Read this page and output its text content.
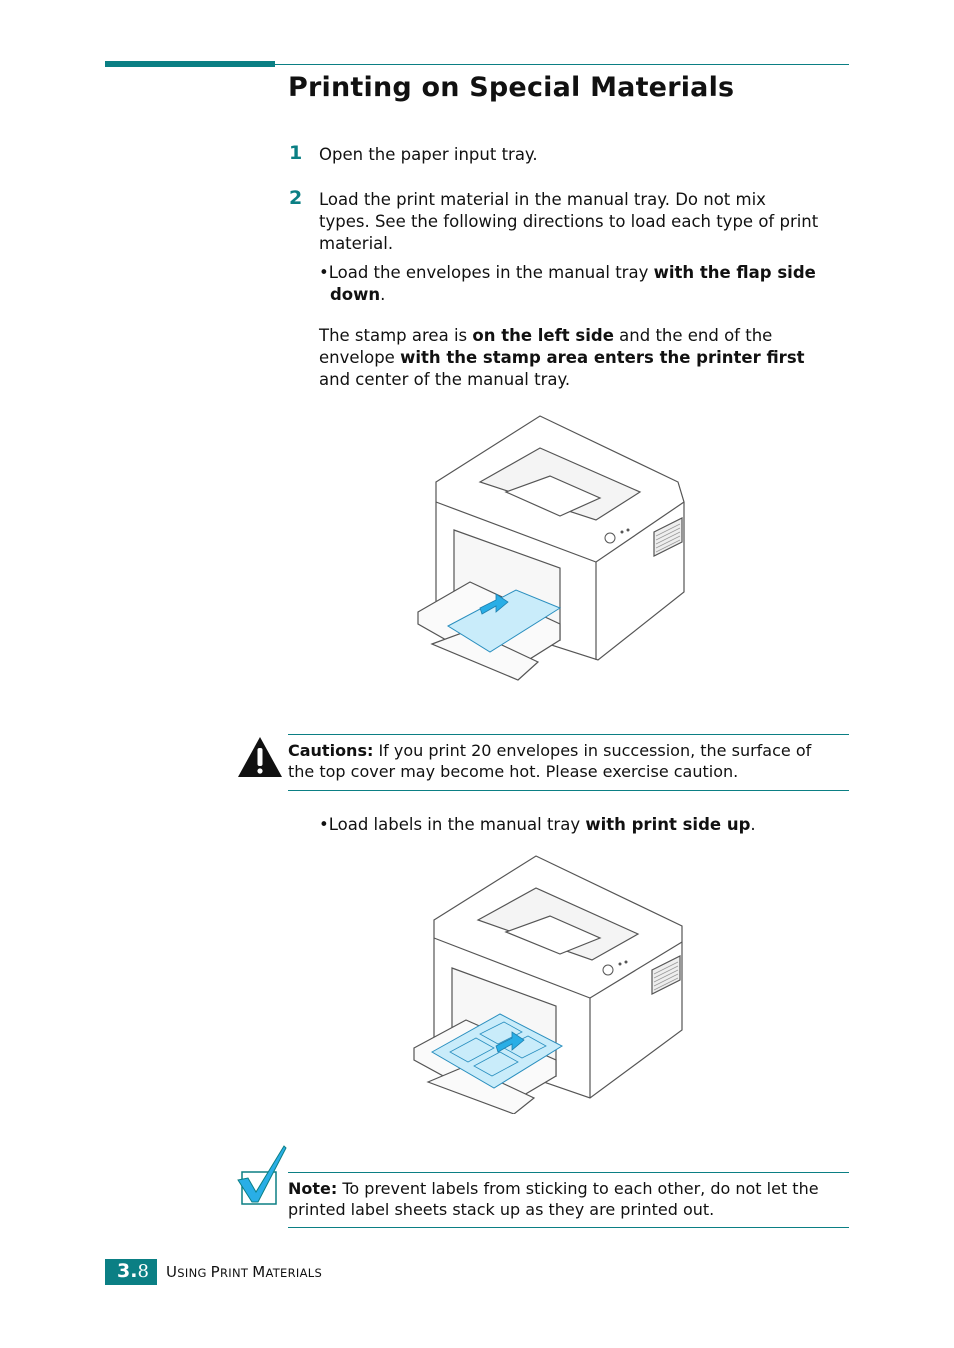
Printing on Special Materials
1 Open the paper input tray.
2 Load the print material in the manual tray. Do not mix
types. See the following directions to load each type of print
material.
•Load the envelopes in the manual tray with the flap side
down.
The stamp area is on the left side and the end of the
envelope with the stamp area enters the printer first
and center of the manual tray.
Cautions: If you print 20 envelopes in succession, the surface of
the top cover may become hot. Please exercise caution.
•Load labels in the manual tray with print side up.
Note: To prevent labels from sticking to each other, do not let the
printed label sheets stack up as they are printed out.
3.8 USING PRINT MATERIALS
